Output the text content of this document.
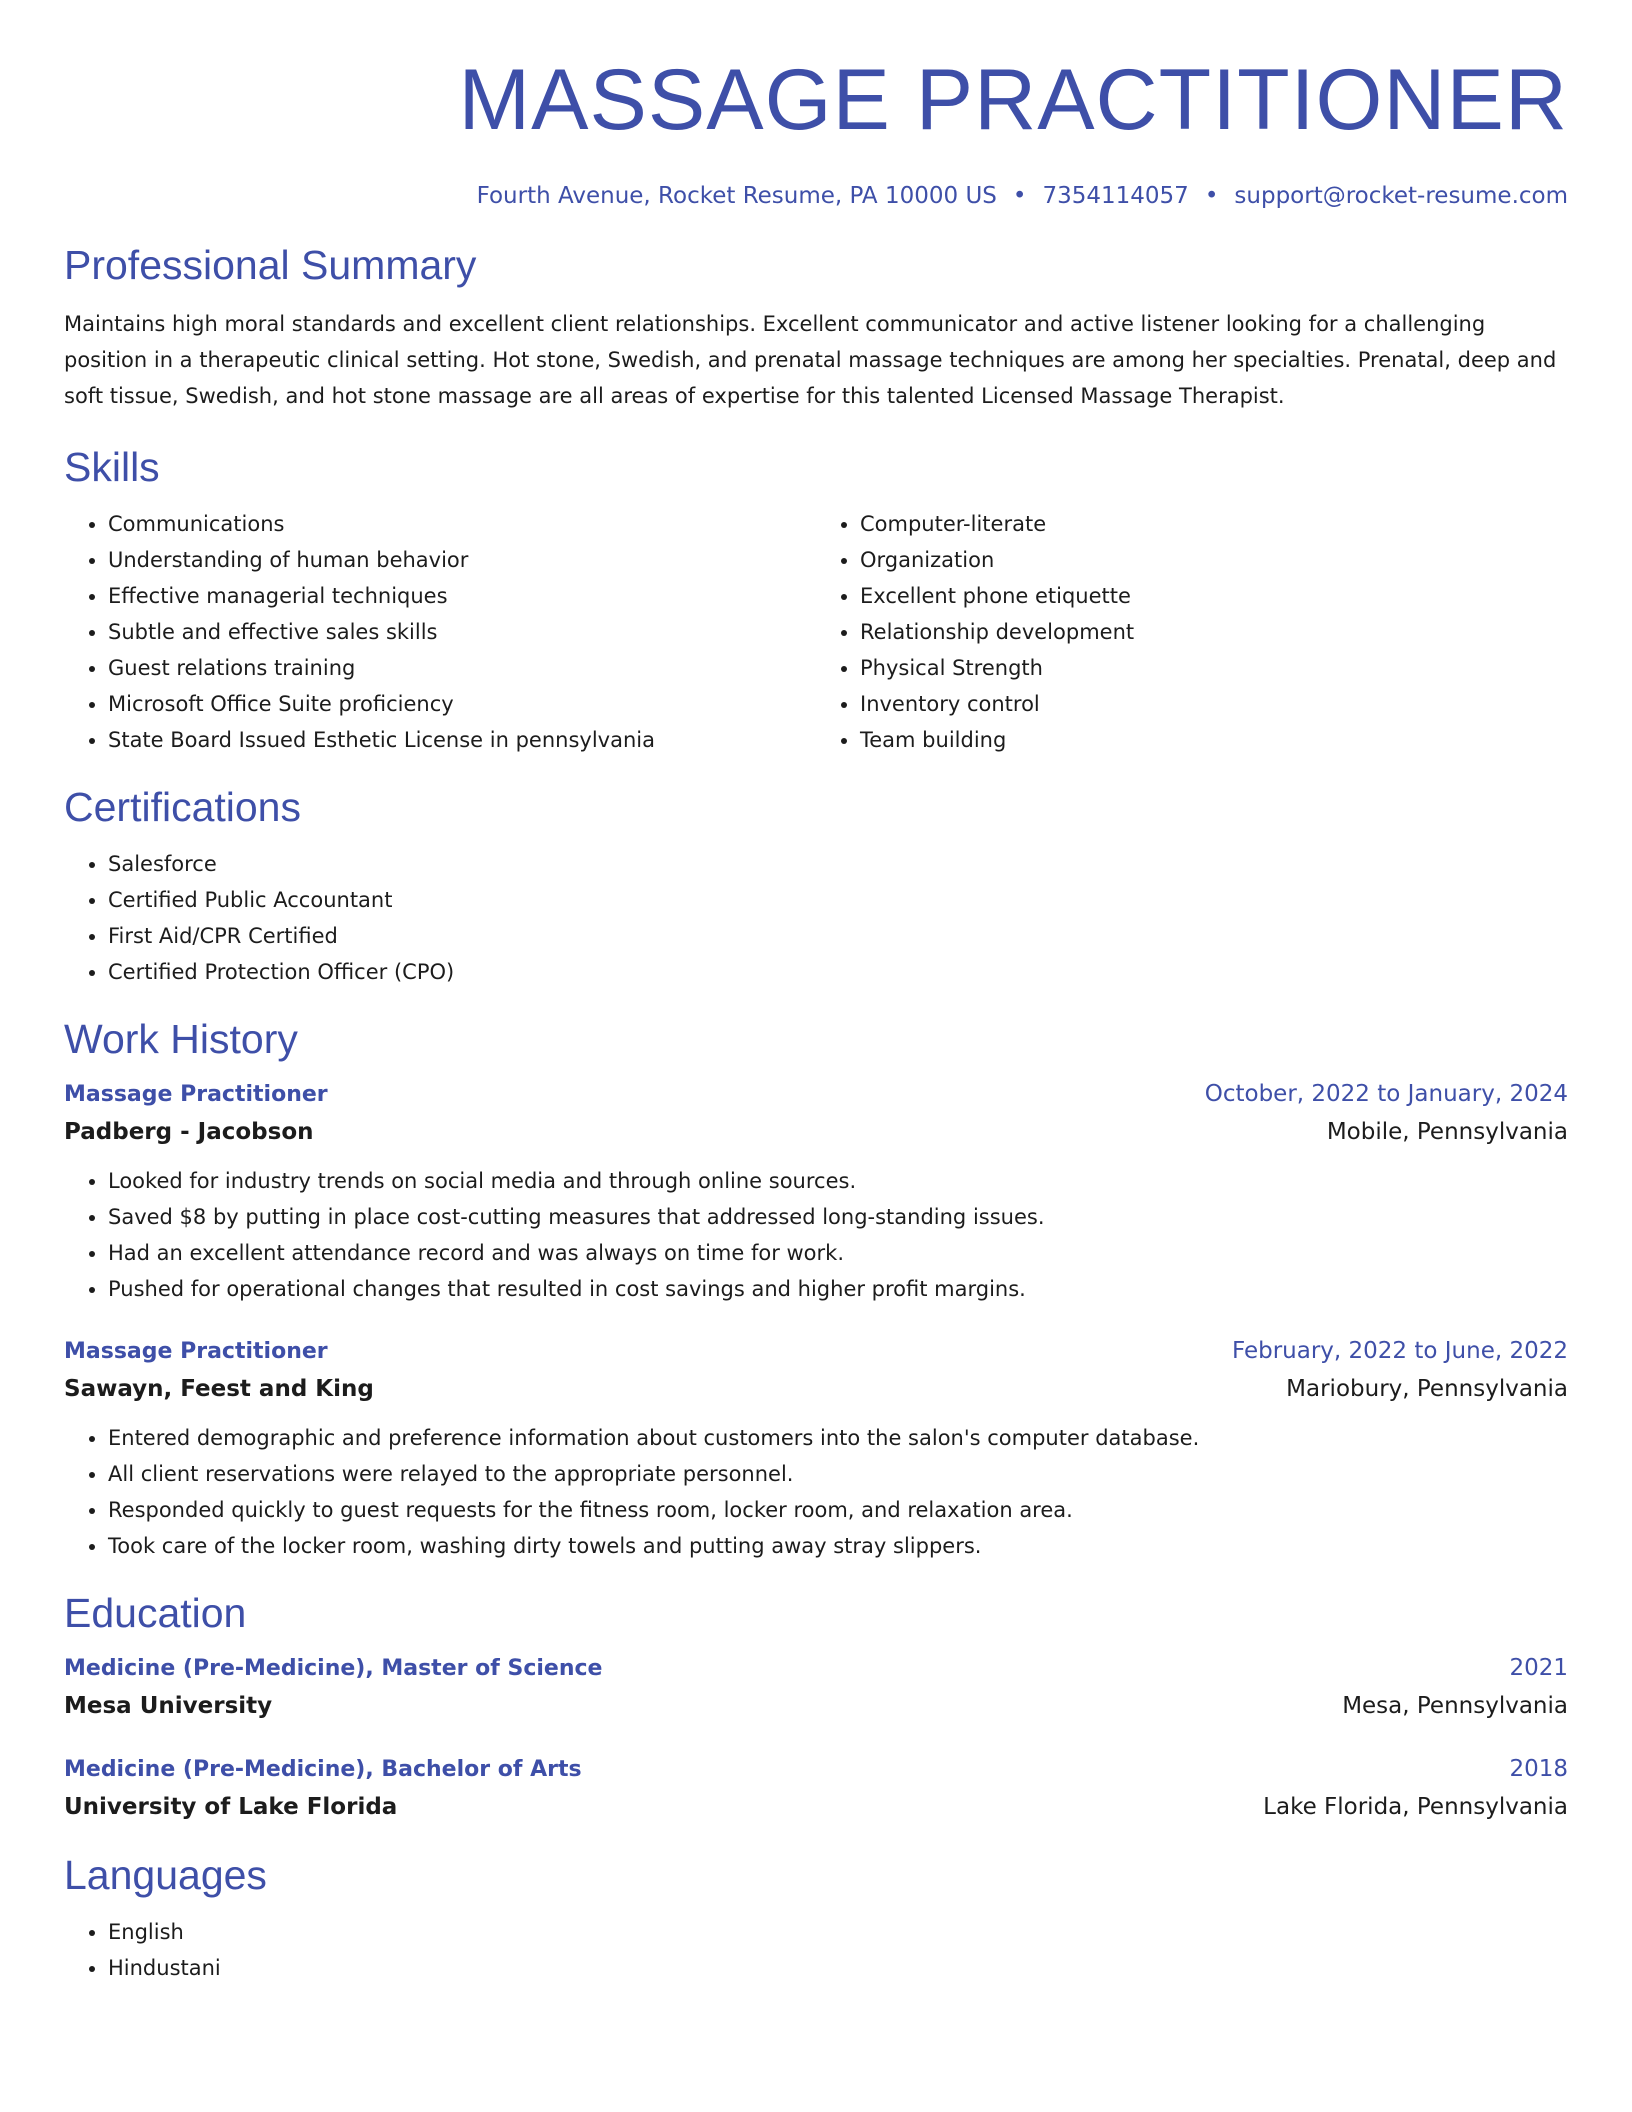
MASSAGE PRACTITIONER
Fourth Avenue, Rocket Resume, PA 10000 US • 7354114057 • support@rocket-resume.com
Professional Summary

Maintains high moral standards and excellent client relationships. Excellent communicator and active listener looking for a challenging position in a therapeutic clinical setting. Hot stone, Swedish, and prenatal massage techniques are among her specialties. Prenatal, deep and soft tissue, Swedish, and hot stone massage are all areas of expertise for this talented Licensed Massage Therapist.

Skills
• Communications
• Understanding of human behavior
• Effective managerial techniques
• Subtle and effective sales skills
• Guest relations training
• Microsoft Office Suite proficiency
• State Board Issued Esthetic License in pennsylvania
• Computer-literate
• Organization
• Excellent phone etiquette
• Relationship development
• Physical Strength
• Inventory control
• Team building
Certifications
• Salesforce
• Certified Public Accountant
• First Aid/CPR Certified
• Certified Protection Officer (CPO)
Work History
Massage Practitioner	October, 2022 to January, 2024
Padberg - Jacobson	Mobile, Pennsylvania
• Looked for industry trends on social media and through online sources.
• Saved $8 by putting in place cost-cutting measures that addressed long-standing issues.
• Had an excellent attendance record and was always on time for work.
• Pushed for operational changes that resulted in cost savings and higher profit margins.
Massage Practitioner	February, 2022 to June, 2022
Sawayn, Feest and King	Mariobury, Pennsylvania
• Entered demographic and preference information about customers into the salon's computer database.
• All client reservations were relayed to the appropriate personnel.
• Responded quickly to guest requests for the fitness room, locker room, and relaxation area.
• Took care of the locker room, washing dirty towels and putting away stray slippers.
Education
Medicine (Pre-Medicine), Master of Science	2021
Mesa University	Mesa, Pennsylvania
Medicine (Pre-Medicine), Bachelor of Arts	2018
University of Lake Florida	Lake Florida, Pennsylvania
Languages
• English
• Hindustani
